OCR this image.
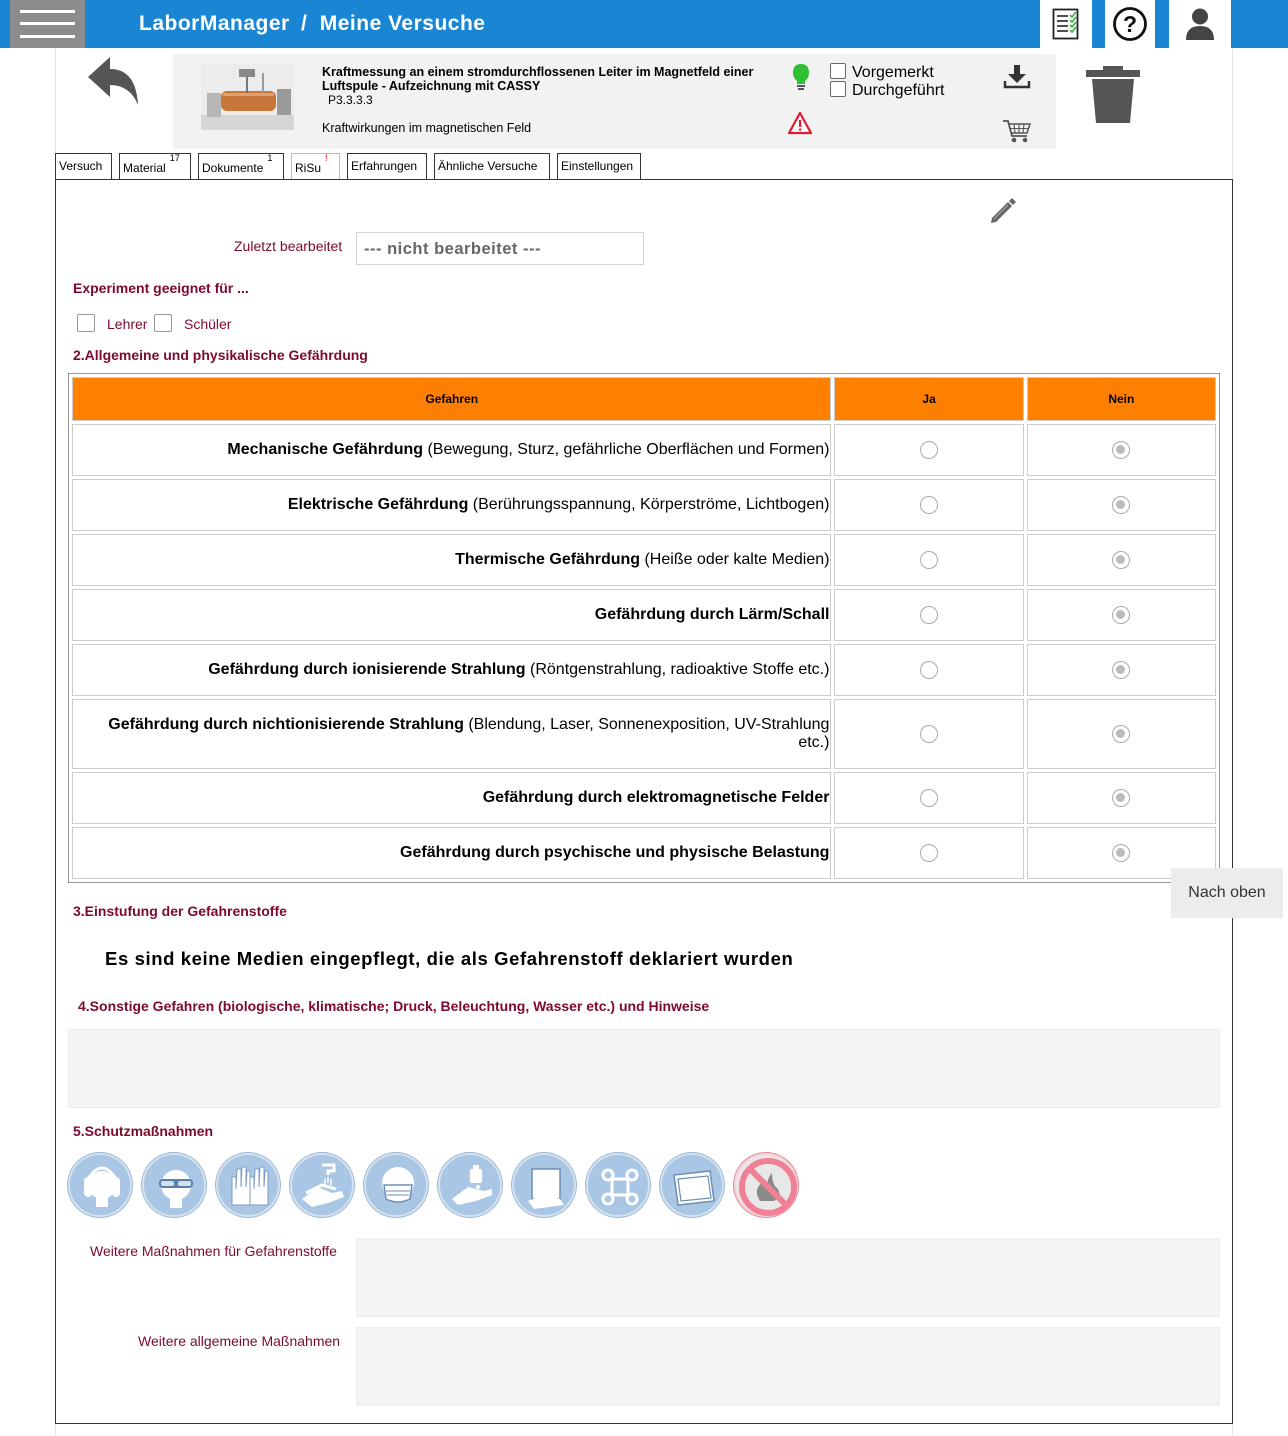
LaborManager / Meine Versuche	?
Kraftmessung an einem stromdurchflossenen Leiter im Magnetfeld einer Luftspule - Aufzeichnung mit CASSY
P3.3.3.3
Kraftwirkungen im magnetischen Feld
Vorgemerkt
Durchgeführt
Versuch	Material$^{17}$
Dokumente$^1$
RiSu!
Erfahrungen	Ähnliche Versuche	Einstellungen
Zuletzt bearbeitet --- nicht bearbeitet ---
Experiment geeignet für ...
Lehrer	Schüler
2.Allgemeine und physikalische Gefährdung
Gefahren	Ja	Nein
Mechanische Gefährdung (Bewegung, Sturz, gefährliche Oberflächen und Formen)		
Elektrische Gefährdung (Berührungsspannung, Körperströme, Lichtbogen)		
Thermische Gefährdung (Heiße oder kalte Medien)		
Gefährdung durch Lärm/Schall		
Gefährdung durch ionisierende Strahlung (Röntgenstrahlung, radioaktive Stoffe etc.)		
Gefährdung durch nichtionisierende Strahlung (Blendung, Laser, Sonnenexposition, UV-Strahlung etc.)		
Gefährdung durch elektromagnetische Felder		
Gefährdung durch psychische und physische Belastung		
Nach oben
3.Einstufung der Gefahrenstoffe
Es sind keine Medien eingepflegt, die als Gefahrenstoff deklariert wurden
4.Sonstige Gefahren (biologische, klimatische; Druck, Beleuchtung, Wasser etc.) und Hinweise
5.Schutzmaßnahmen
Weitere Maßnahmen für Gefahrenstoffe
Weitere allgemeine Maßnahmen
